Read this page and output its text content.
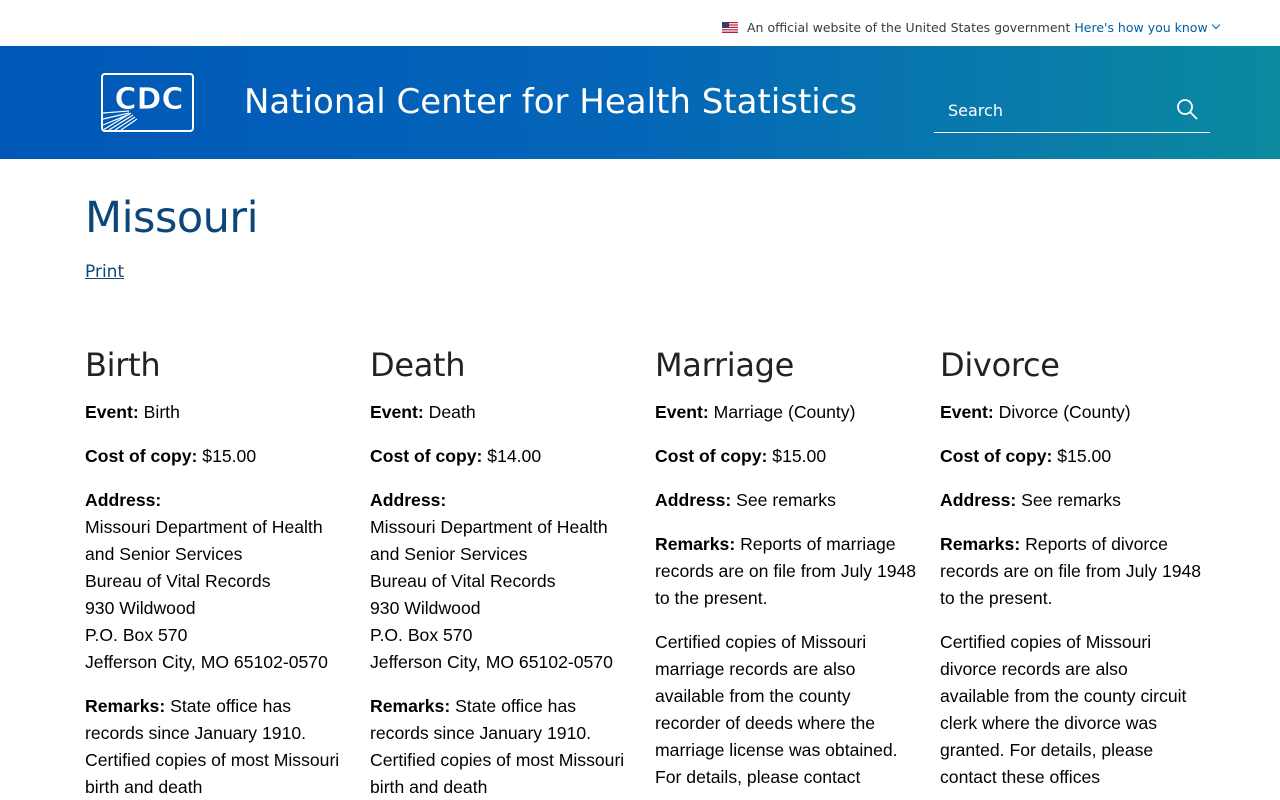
An official website of the United States government Here's how you know
CDC National Center for Health Statistics
Search
Missouri
Print
Birth

Event: Birth

Cost of copy: $15.00

Address:
Missouri Department of Health
and Senior Services
Bureau of Vital Records
930 Wildwood
P.O. Box 570
Jefferson City, MO 65102-0570

Remarks: State office has records since January 1910. Certified copies of most Missouri birth and death

Death

Event: Death

Cost of copy: $14.00

Address:
Missouri Department of Health
and Senior Services
Bureau of Vital Records
930 Wildwood
P.O. Box 570
Jefferson City, MO 65102-0570

Remarks: State office has records since January 1910. Certified copies of most Missouri birth and death

Marriage

Event: Marriage (County)

Cost of copy: $15.00

Address: See remarks

Remarks: Reports of marriage records are on file from July 1948 to the present.

Certified copies of Missouri marriage records are also available from the county recorder of deeds where the marriage license was obtained. For details, please contact

Divorce

Event: Divorce (County)

Cost of copy: $15.00

Address: See remarks

Remarks: Reports of divorce records are on file from July 1948 to the present.

Certified copies of Missouri divorce records are also available from the county circuit clerk where the divorce was granted. For details, please contact these offices
